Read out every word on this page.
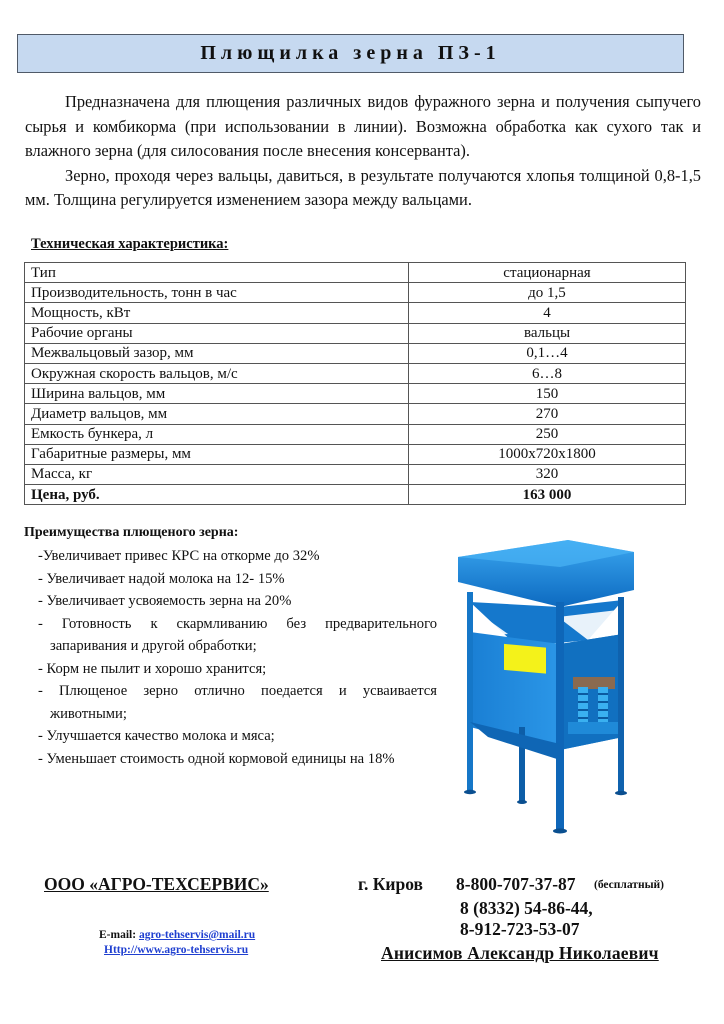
Плющилка зерна ПЗ-1

Предназначена для плющения различных видов фуражного зерна и получения сыпучего сырья и комбикорма (при использовании в линии). Возможна обработка как сухого так и влажного зерна (для силосования после внесения консерванта).

Зерно, проходя через вальцы, давиться, в результате получаются хлопья толщиной 0,8-1,5 мм. Толщина регулируется изменением зазора между вальцами.

Техническая характеристика:
Тип	стационарная
Производительность, тонн в час	до 1,5
Мощность, кВт	4
Рабочие органы	вальцы
Межвальцовый зазор, мм	0,1…4
Окружная скорость вальцов, м/с	6…8
Ширина вальцов, мм	150
Диаметр вальцов, мм	270
Емкость бункера, л	250
Габаритные размеры, мм	1000x720x1800
Масса, кг	320
Цена, руб.	163 000
Преимущества плющеного зерна:
-Увеличивает привес КРС на откорме до 32%
- Увеличивает надой молока на 12- 15%
- Увеличивает усвояемость зерна на 20%
- Готовность к скармливанию без предварительного запаривания и другой обработки;
- Корм не пылит и хорошо хранится;
- Плющеное зерно отлично поедается и усваивается животными;
- Улучшается качество молока и мяса;
- Уменьшает стоимость одной кормовой единицы на 18%
ООО «АГРО-ТЕХСЕРВИС»	г. Киров 8-800-707-37-87 (бесплатный)
8 (8332) 54-86-44,
8-912-723-53-07
Анисимов Александр Николаевич
E-mail: agro-tehservis@mail.ru
Http://www.agro-tehservis.ru
